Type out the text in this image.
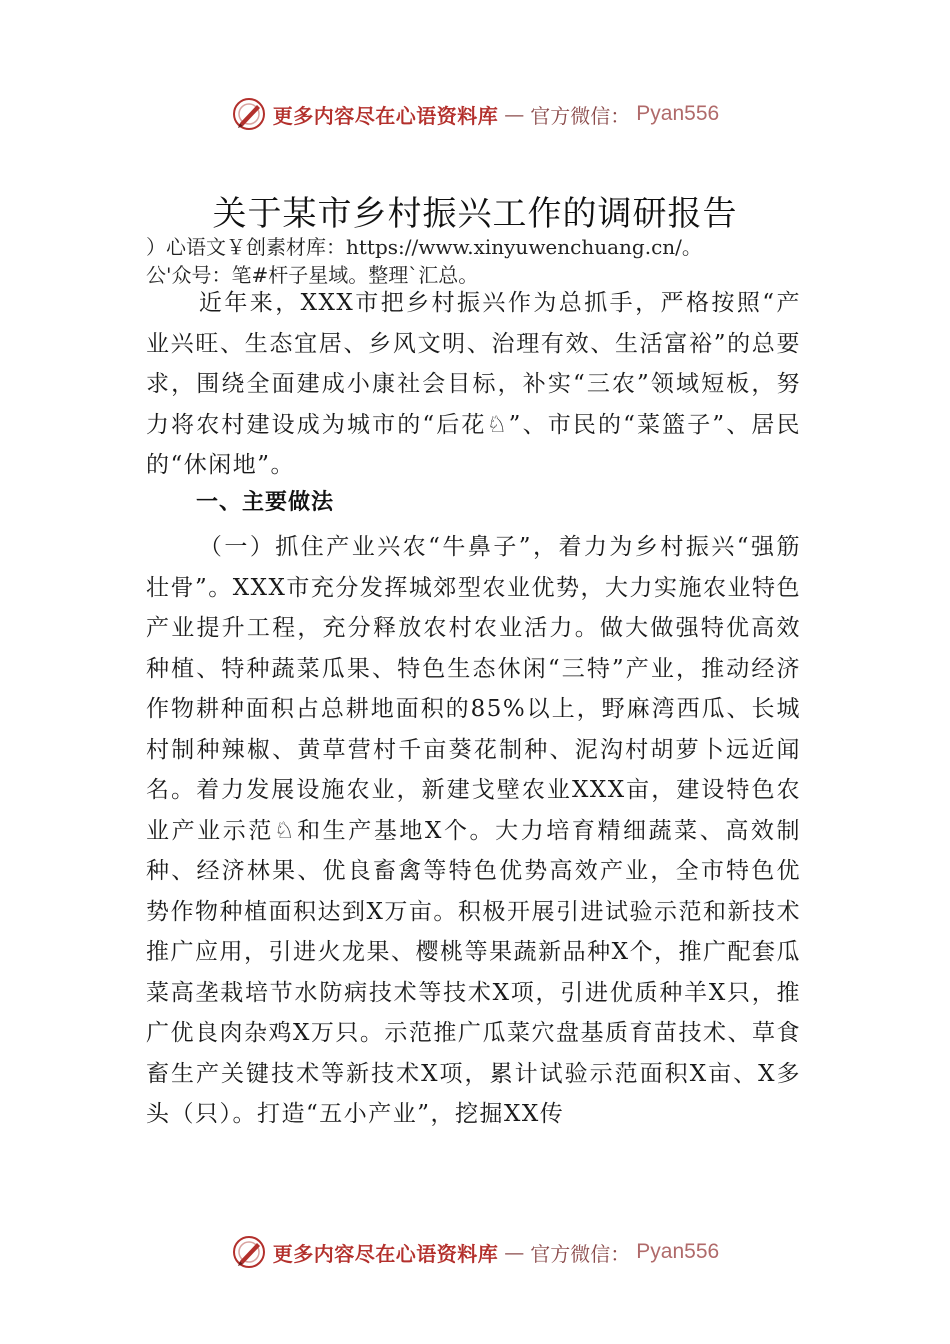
更多内容尽在心语资料库 — 官方微信： Pyan556
关于某市乡村振兴工作的调研报告
）心语文￥创素材库：https://www.xinyuwenchuang.cn/。
公'众号：笔#杆子星域。整理`汇总。

近年来，XXX市把乡村振兴作为总抓手，严格按照“产业兴旺、生态宜居、乡风文明、治理有效、生活富裕”的总要求，围绕全面建成小康社会目标，补实“三农”领域短板，努力将农村建设成为城市的“后花♘”、市民的“菜篮子”、居民的“休闲地”。

一、主要做法

（一）抓住产业兴农“牛鼻子”，着力为乡村振兴“强筋壮骨”。XXX市充分发挥城郊型农业优势，大力实施农业特色产业提升工程，充分释放农村农业活力。做大做强特优高效种植、特种蔬菜瓜果、特色生态休闲“三特”产业，推动经济作物耕种面积占总耕地面积的85%以上，野麻湾西瓜、长城村制种辣椒、黄草营村千亩葵花制种、泥沟村胡萝卜远近闻名。着力发展设施农业，新建戈壁农业XXX亩，建设特色农业产业示范♘和生产基地X个。大力培育精细蔬菜、高效制种、经济林果、优良畜禽等特色优势高效产业，全市特色优势作物种植面积达到X万亩。积极开展引进试验示范和新技术推广应用，引进火龙果、樱桃等果蔬新品种X个，推广配套瓜菜高垄栽培节水防病技术等技术X项，引进优质种羊X只，推广优良肉杂鸡X万只。示范推广瓜菜穴盘基质育苗技术、草食畜生产关键技术等新技术X项，累计试验示范面积X亩、X多头（只）。打造“五小产业”，挖掘XX传

更多内容尽在心语资料库 — 官方微信： Pyan556
